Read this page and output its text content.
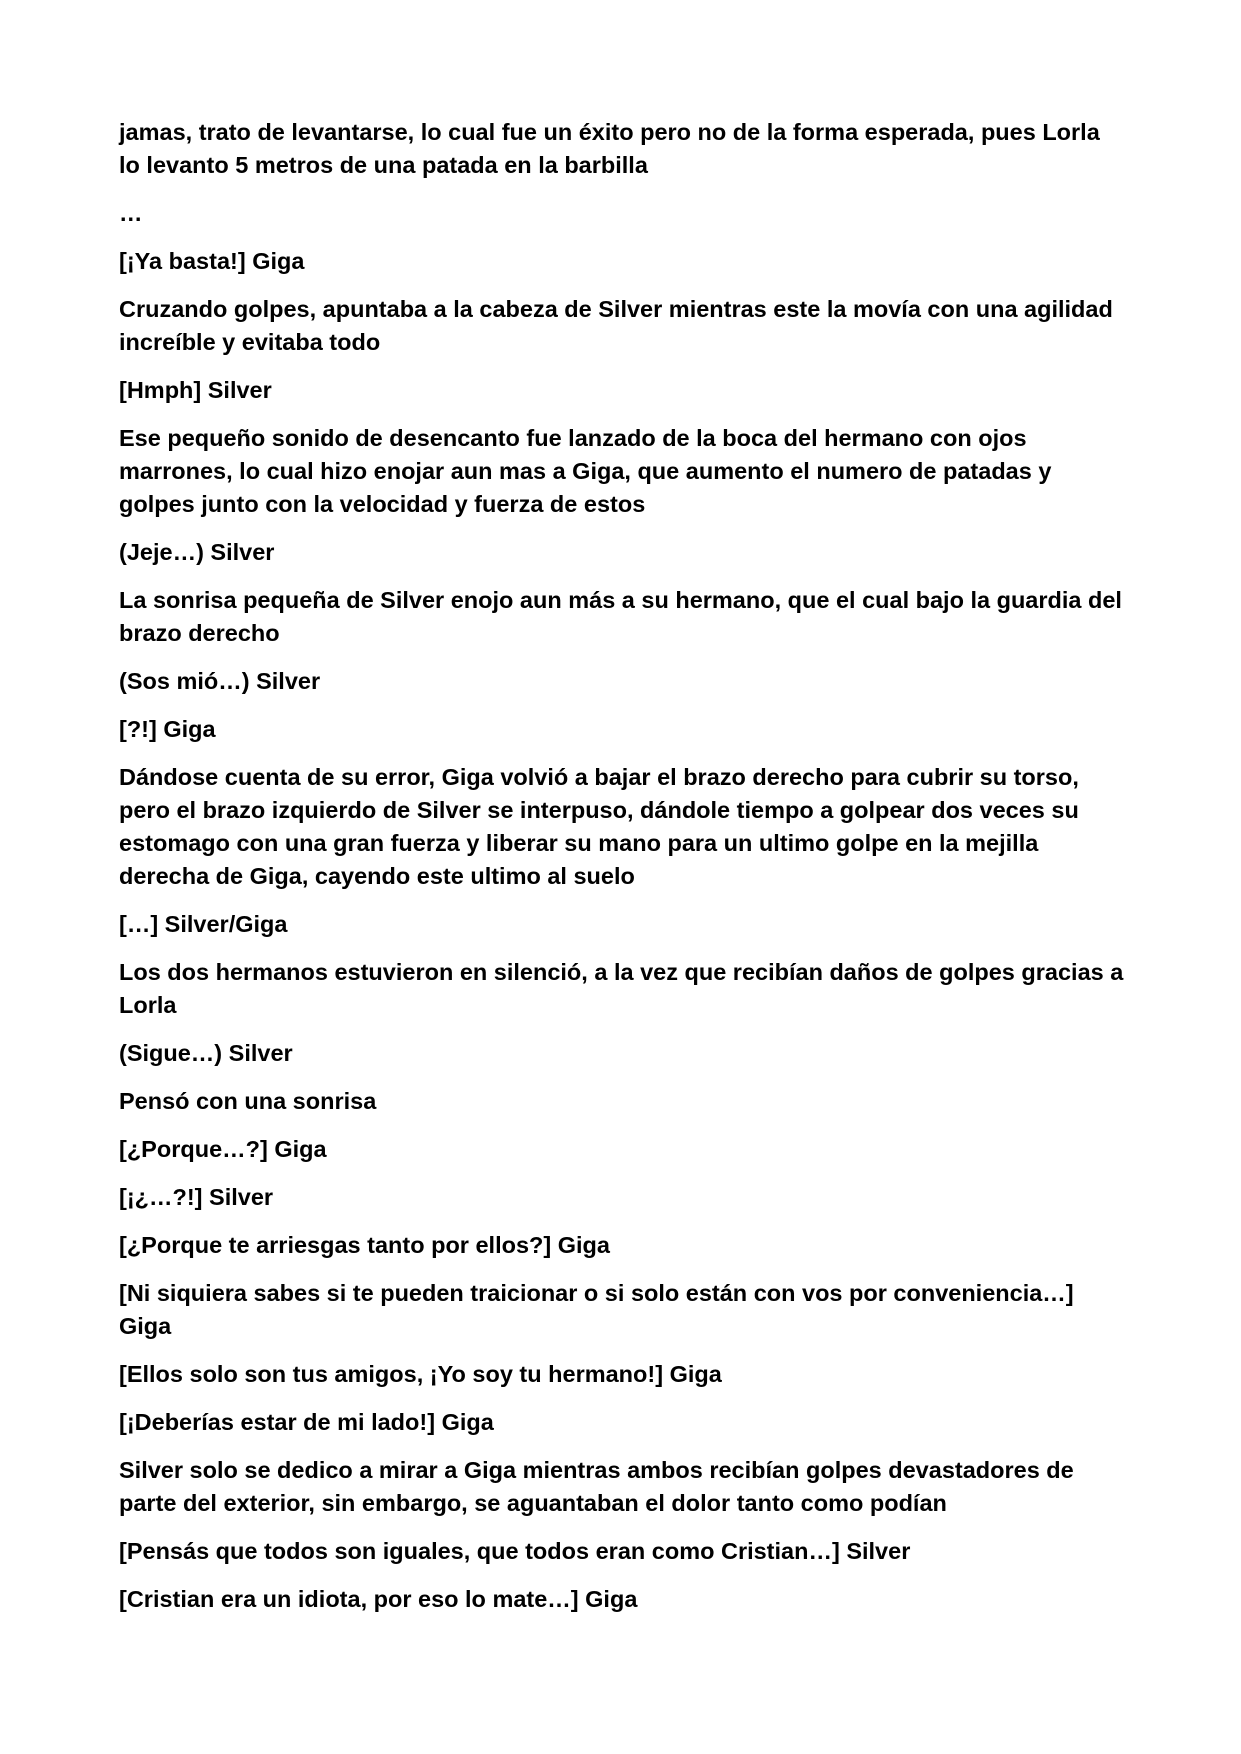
jamas, trato de levantarse, lo cual fue un éxito pero no de la forma esperada, pues Lorla lo levanto 5 metros de una patada en la barbilla

…

[¡Ya basta!] Giga

Cruzando golpes, apuntaba a la cabeza de Silver mientras este la movía con una agilidad increíble y evitaba todo

[Hmph] Silver

Ese pequeño sonido de desencanto fue lanzado de la boca del hermano con ojos marrones, lo cual hizo enojar aun mas a Giga, que aumento el numero de patadas y golpes junto con la velocidad y fuerza de estos

(Jeje…) Silver

La sonrisa pequeña de Silver enojo aun más a su hermano, que el cual bajo la guardia del brazo derecho

(Sos mió…) Silver

[?!] Giga

Dándose cuenta de su error, Giga volvió a bajar el brazo derecho para cubrir su torso, pero el brazo izquierdo de Silver se interpuso, dándole tiempo a golpear dos veces su estomago con una gran fuerza y liberar su mano para un ultimo golpe en la mejilla derecha de Giga, cayendo este ultimo al suelo

[…] Silver/Giga

Los dos hermanos estuvieron en silenció, a la vez que recibían daños de golpes gracias a Lorla

(Sigue…) Silver

Pensó con una sonrisa

[¿Porque…?] Giga

[¡¿…?!] Silver

[¿Porque te arriesgas tanto por ellos?] Giga

[Ni siquiera sabes si te pueden traicionar o si solo están con vos por conveniencia…] Giga

[Ellos solo son tus amigos, ¡Yo soy tu hermano!] Giga

[¡Deberías estar de mi lado!] Giga

Silver solo se dedico a mirar a Giga mientras ambos recibían golpes devastadores de parte del exterior, sin embargo, se aguantaban el dolor tanto como podían

[Pensás que todos son iguales, que todos eran como Cristian…] Silver

[Cristian era un idiota, por eso lo mate…] Giga
